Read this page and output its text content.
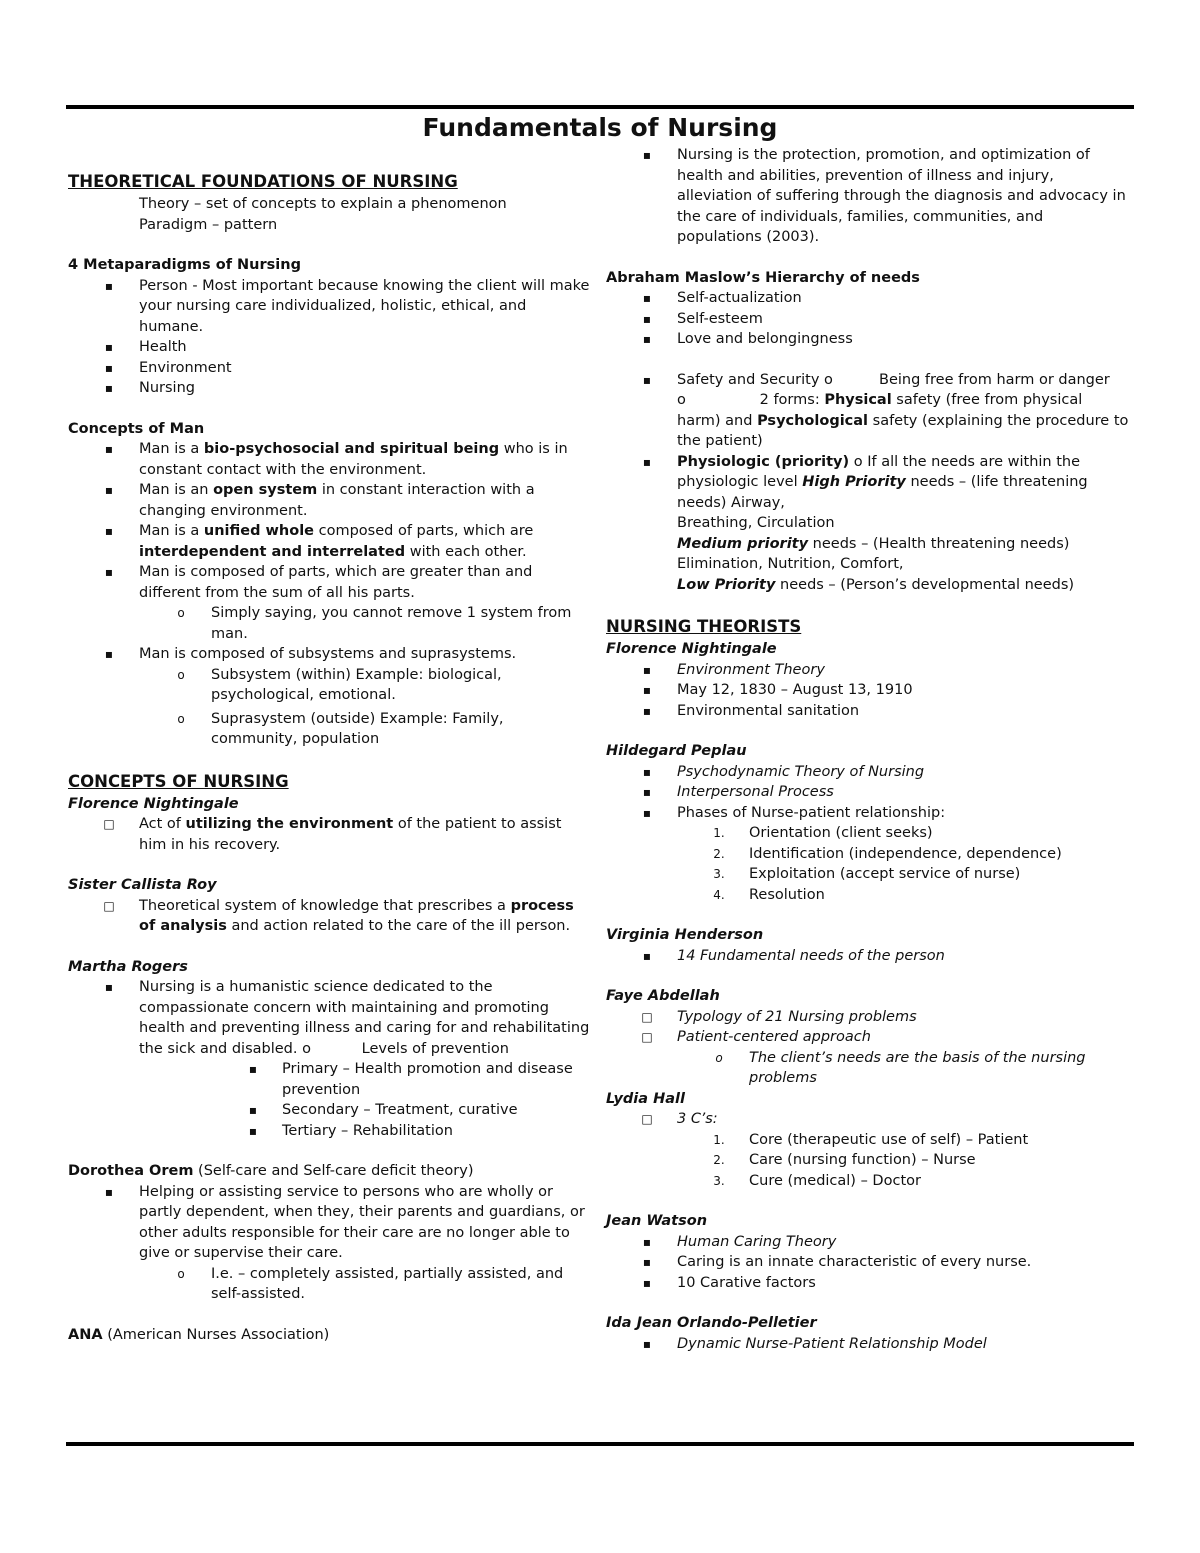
Fundamentals of Nursing

THEORETICAL FOUNDATIONS OF NURSING

Theory – set of concepts to explain a phenomenon
Paradigm – pattern

4 Metaparadigms of Nursing

▪ Person - Most important because knowing the client will make your nursing care individualized, holistic, ethical, and humane.
▪ Health
▪ Environment
▪ Nursing

Concepts of Man

▪ Man is a bio-psychosocial and spiritual being who is in constant contact with the environment.
▪ Man is an open system in constant interaction with a changing environment.
▪ Man is a unified whole composed of parts, which are interdependent and interrelated with each other.
▪ Man is composed of parts, which are greater than and different from the sum of all his parts.
o Simply saying, you cannot remove 1 system from man.
▪ Man is composed of subsystems and suprasystems.
o Subsystem (within) Example: biological, psychological, emotional.
o Suprasystem (outside) Example: Family, community, population

CONCEPTS OF NURSING

Florence Nightingale

□ Act of utilizing the environment of the patient to assist him in his recovery.

Sister Callista Roy

□ Theoretical system of knowledge that prescribes a process of analysis and action related to the care of the ill person.

Martha Rogers

▪ Nursing is a humanistic science dedicated to the compassionate concern with maintaining and promoting health and preventing illness and caring for and rehabilitating the sick and disabled. o           Levels of prevention
▪ Primary – Health promotion and disease prevention
▪ Secondary – Treatment, curative
▪ Tertiary – Rehabilitation

Dorothea Orem (Self-care and Self-care deficit theory)

▪ Helping or assisting service to persons who are wholly or partly dependent, when they, their parents and guardians, or other adults responsible for their care are no longer able to give or supervise their care.
o I.e. – completely assisted, partially assisted, and self-assisted.

ANA (American Nurses Association)

▪ Nursing is the protection, promotion, and optimization of health and abilities, prevention of illness and injury, alleviation of suffering through the diagnosis and advocacy in the care of individuals, families, communities, and populations (2003).

Abraham Maslow’s Hierarchy of needs

▪ Self-actualization
▪ Self-esteem
▪ Love and belongingness
▪ Safety and Security o          Being free from harm or danger o                2 forms: Physical safety (free from physical harm) and Psychological safety (explaining the procedure to the patient)
▪ Physiologic (priority) o If all the needs are within the physiologic level High Priority needs – (life threatening needs) Airway,
Breathing, Circulation
Medium priority needs – (Health threatening needs)
Elimination, Nutrition, Comfort,
Low Priority needs – (Person’s developmental needs)

NURSING THEORISTS

Florence Nightingale

▪ Environment Theory
▪ May 12, 1830 – August 13, 1910
▪ Environmental sanitation

Hildegard Peplau

▪ Psychodynamic Theory of Nursing
▪ Interpersonal Process
▪ Phases of Nurse-patient relationship:
1. Orientation (client seeks)
2. Identification (independence, dependence)
3. Exploitation (accept service of nurse)
4. Resolution

Virginia Henderson

▪ 14 Fundamental needs of the person

Faye Abdellah

□ Typology of 21 Nursing problems
□ Patient-centered approach
o The client’s needs are the basis of the nursing problems

Lydia Hall

□ 3 C’s:
1. Core (therapeutic use of self) – Patient
2. Care (nursing function) – Nurse
3. Cure (medical) – Doctor

Jean Watson

▪ Human Caring Theory
▪ Caring is an innate characteristic of every nurse.
▪ 10 Carative factors

Ida Jean Orlando-Pelletier

▪ Dynamic Nurse-Patient Relationship Model
